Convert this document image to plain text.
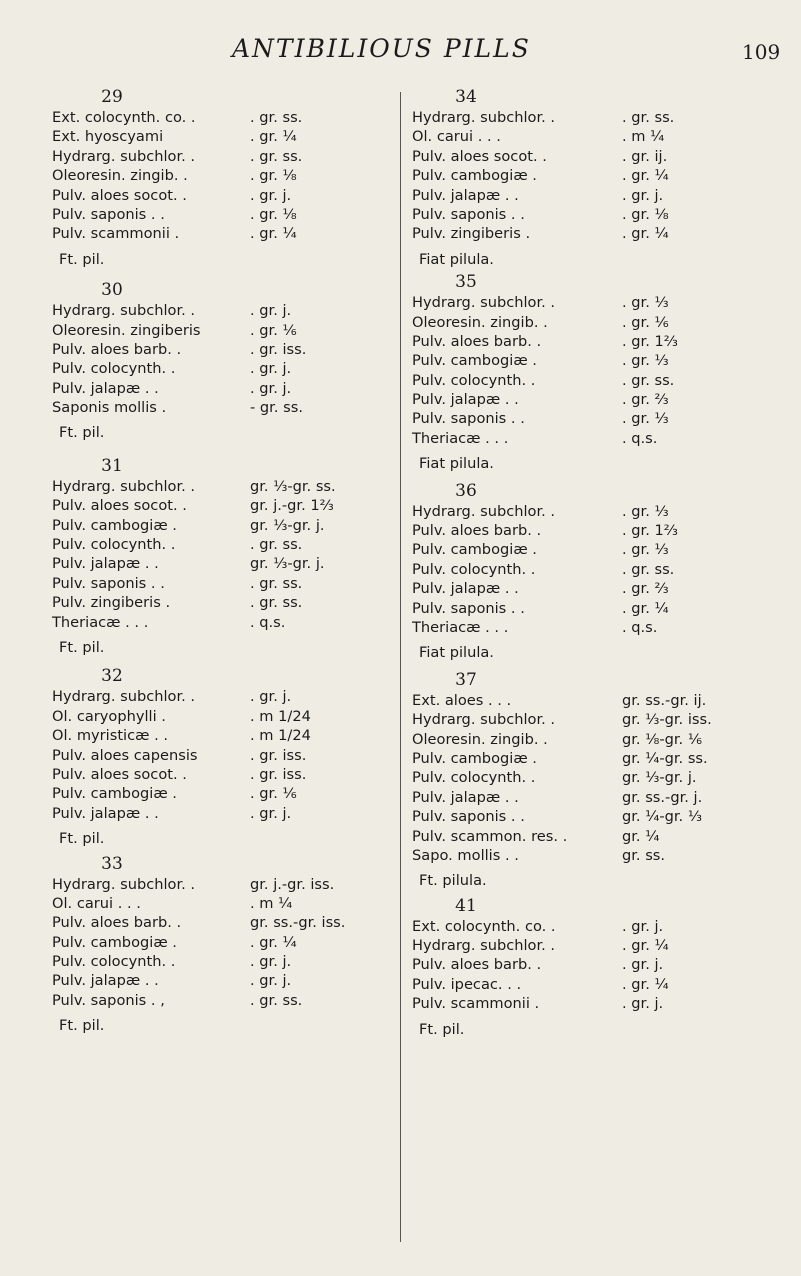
ANTIBILIOUS PILLS	109
29
Ext. colocynth. co. .	. gr. ss.
Ext. hyoscyami	. gr. ¼
Hydrarg. subchlor. .	. gr. ss.
Oleoresin. zingib. .	. gr. ⅛
Pulv. aloes socot. .	. gr. j.
Pulv. saponis . .	. gr. ⅛
Pulv. scammonii .	. gr. ¼
Ft. pil.
30
Hydrarg. subchlor. .	. gr. j.
Oleoresin. zingiberis	. gr. ⅙
Pulv. aloes barb. .	. gr. iss.
Pulv. colocynth. .	. gr. j.
Pulv. jalapæ . .	. gr. j.
Saponis mollis .	- gr. ss.
Ft. pil.
31
Hydrarg. subchlor. .	gr. ⅓-gr. ss.
Pulv. aloes socot. .	gr. j.-gr. 1⅔
Pulv. cambogiæ .	gr. ⅓-gr. j.
Pulv. colocynth. .	. gr. ss.
Pulv. jalapæ . .	gr. ⅓-gr. j.
Pulv. saponis . .	. gr. ss.
Pulv. zingiberis .	. gr. ss.
Theriacæ . . .	. q.s.
Ft. pil.
32
Hydrarg. subchlor. .	. gr. j.
Ol. caryophylli .	. m 1/24
Ol. myristicæ . .	. m 1/24
Pulv. aloes capensis	. gr. iss.
Pulv. aloes socot. .	. gr. iss.
Pulv. cambogiæ .	. gr. ⅙
Pulv. jalapæ . .	. gr. j.
Ft. pil.
33
Hydrarg. subchlor. .	gr. j.-gr. iss.
Ol. carui . . .	. m ¼
Pulv. aloes barb. .	gr. ss.-gr. iss.
Pulv. cambogiæ .	. gr. ¼
Pulv. colocynth. .	. gr. j.
Pulv. jalapæ . .	. gr. j.
Pulv. saponis . ,	. gr. ss.
Ft. pil.
34
Hydrarg. subchlor. .	. gr. ss.
Ol. carui . . .	. m ¼
Pulv. aloes socot. .	. gr. ij.
Pulv. cambogiæ .	. gr. ¼
Pulv. jalapæ . .	. gr. j.
Pulv. saponis . .	. gr. ⅛
Pulv. zingiberis .	. gr. ¼
Fiat pilula.
35
Hydrarg. subchlor. .	. gr. ⅓
Oleoresin. zingib. .	. gr. ⅙
Pulv. aloes barb. .	. gr. 1⅔
Pulv. cambogiæ .	. gr. ⅓
Pulv. colocynth. .	. gr. ss.
Pulv. jalapæ . .	. gr. ⅔
Pulv. saponis . .	. gr. ⅓
Theriacæ . . .	. q.s.
Fiat pilula.
36
Hydrarg. subchlor. .	. gr. ⅓
Pulv. aloes barb. .	. gr. 1⅔
Pulv. cambogiæ .	. gr. ⅓
Pulv. colocynth. .	. gr. ss.
Pulv. jalapæ . .	. gr. ⅔
Pulv. saponis . .	. gr. ¼
Theriacæ . . .	. q.s.
Fiat pilula.
37
Ext. aloes . . .	gr. ss.-gr. ij.
Hydrarg. subchlor. .	gr. ⅓-gr. iss.
Oleoresin. zingib. .	gr. ⅛-gr. ⅙
Pulv. cambogiæ .	gr. ¼-gr. ss.
Pulv. colocynth. .	gr. ⅓-gr. j.
Pulv. jalapæ . .	gr. ss.-gr. j.
Pulv. saponis . .	gr. ¼-gr. ⅓
Pulv. scammon. res. .	gr. ¼
Sapo. mollis . .	gr. ss.
Ft. pilula.
41
Ext. colocynth. co. .	. gr. j.
Hydrarg. subchlor. .	. gr. ¼
Pulv. aloes barb. .	. gr. j.
Pulv. ipecac. . .	. gr. ¼
Pulv. scammonii .	. gr. j.
Ft. pil.
